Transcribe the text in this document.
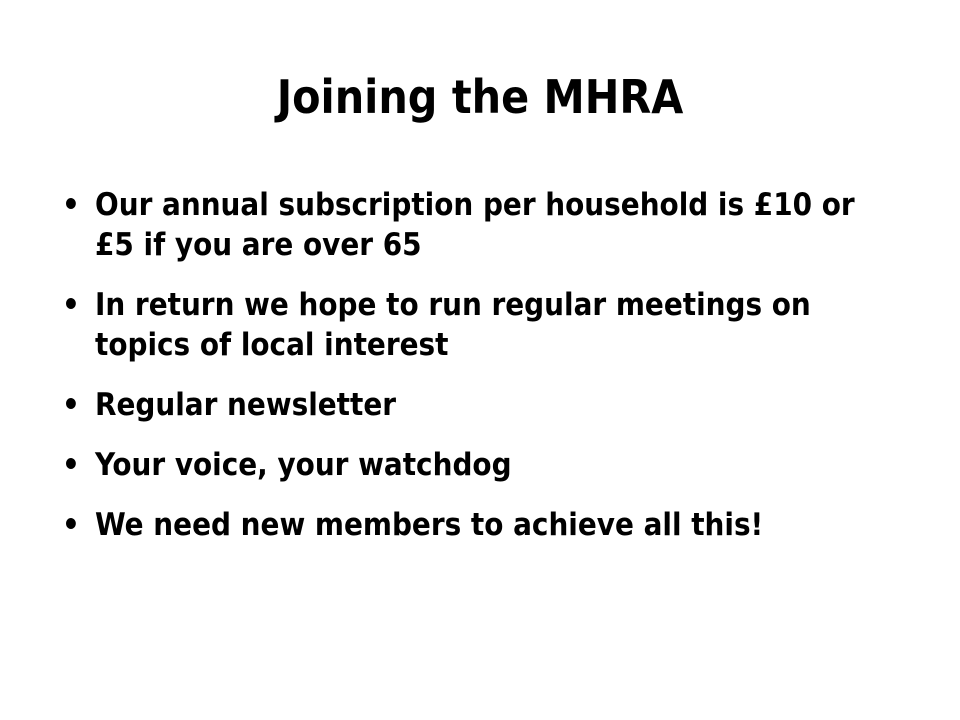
Joining the MHRA
• Our annual subscription per household is £10 or £5 if you are over 65
• In return we hope to run regular meetings on topics of local interest
• Regular newsletter
• Your voice, your watchdog
• We need new members to achieve all this!
